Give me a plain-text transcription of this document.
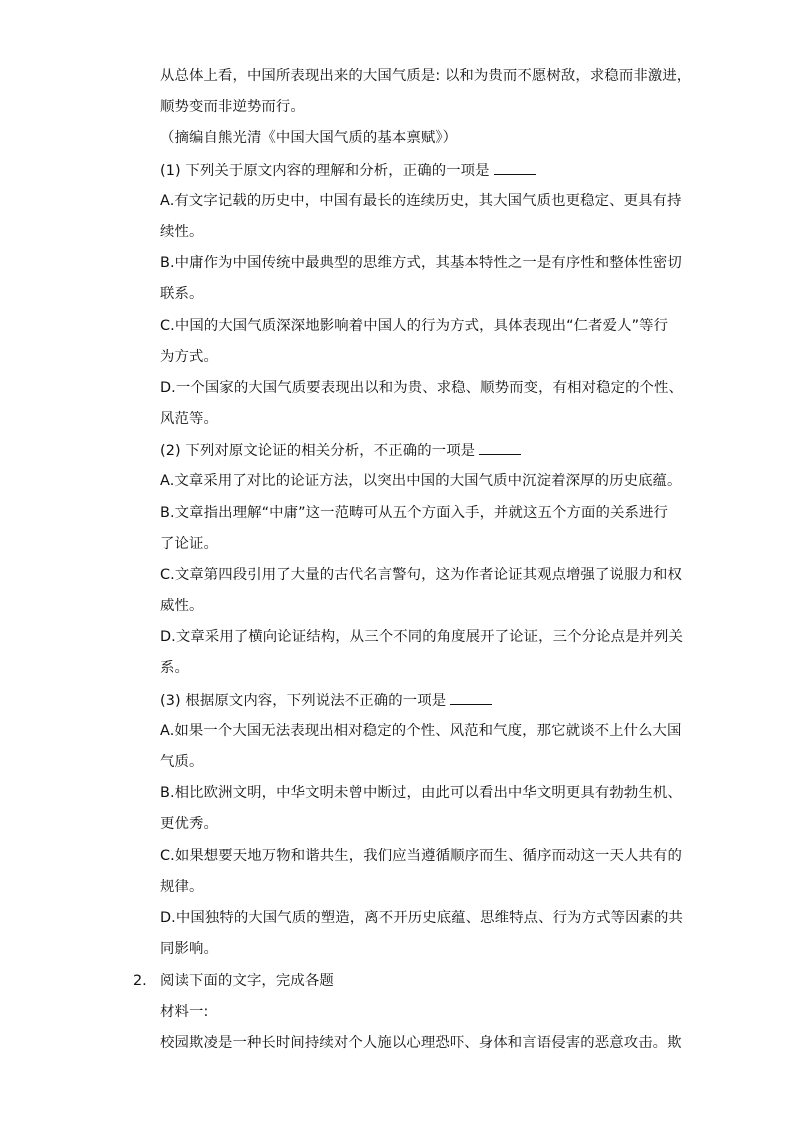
从总体上看，中国所表现出来的大国气质是: 以和为贵而不愿树敌，求稳而非激进，
顺势变而非逆势而行。
（摘编自熊光清《中国大国气质的基本禀赋》）
(1) 下列关于原文内容的理解和分析，正确的一项是
A.有文字记载的历史中，中国有最长的连续历史，其大国气质也更稳定、更具有持
续性。
B.中庸作为中国传统中最典型的思维方式，其基本特性之一是有序性和整体性密切
联系。
C.中国的大国气质深深地影响着中国人的行为方式，具体表现出“仁者爱人”等行
为方式。
D.一个国家的大国气质要表现出以和为贵、求稳、顺势而变，有相对稳定的个性、
风范等。
(2) 下列对原文论证的相关分析，不正确的一项是
A.文章采用了对比的论证方法，以突出中国的大国气质中沉淀着深厚的历史底蕴。
B.文章指出理解“中庸”这一范畴可从五个方面入手，并就这五个方面的关系进行
了论证。
C.文章第四段引用了大量的古代名言警句，这为作者论证其观点增强了说服力和权
威性。
D.文章采用了横向论证结构，从三个不同的角度展开了论证，三个分论点是并列关
系。
(3) 根据原文内容，下列说法不正确的一项是
A.如果一个大国无法表现出相对稳定的个性、风范和气度，那它就谈不上什么大国
气质。
B.相比欧洲文明，中华文明未曾中断过，由此可以看出中华文明更具有勃勃生机、
更优秀。
C.如果想要天地万物和谐共生，我们应当遵循顺序而生、循序而动这一天人共有的
规律。
D.中国独特的大国气质的塑造，离不开历史底蕴、思维特点、行为方式等因素的共
同影响。
2. 阅读下面的文字，完成各题
材料一:
校园欺凌是一种长时间持续对个人施以心理恐吓、身体和言语侵害的恶意攻击。欺
